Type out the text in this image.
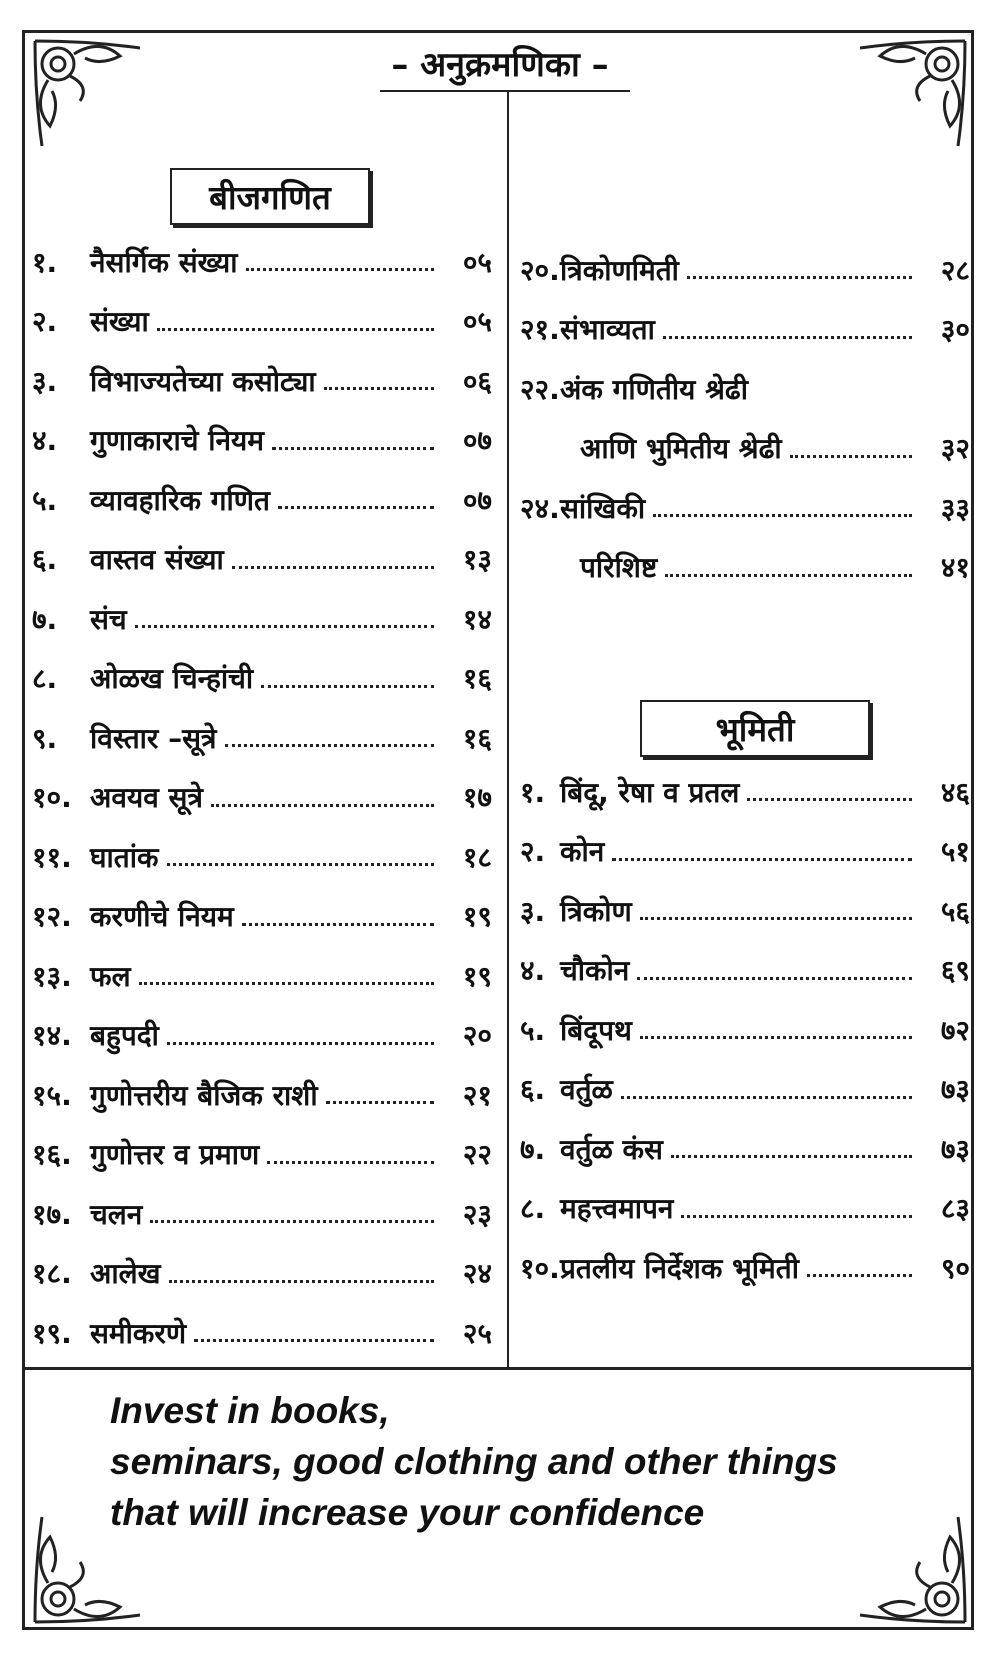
– अनुक्रमणिका –
बीजगणित
भूमिती
१.	नैसर्गिक संख्या	०५
२.	संख्या	०५
३.	विभाज्यतेच्या कसोट्या	०६
४.	गुणाकाराचे नियम	०७
५.	व्यावहारिक गणित	०७
६.	वास्तव संख्या	१३
७.	संच	१४
८.	ओळख चिन्हांची	१६
९.	विस्तार –सूत्रे	१६
१०. अवयव सूत्रे	१७
११. घातांक	१८
१२. करणीचे नियम	१९
१३. फल	१९
१४. बहुपदी	२०
१५. गुणोत्तरीय बैजिक राशी	२१
१६. गुणोत्तर व प्रमाण	२२
१७. चलन	२३
१८. आलेख	२४
१९. समीकरणे	२५
२०. त्रिकोणमिती	२८
२१. संभाव्यता	३०
२२. अंक गणितीय श्रेढी
आणि भुमितीय श्रेढी	३२
२४. सांखिकी	३३
परिशिष्ट	४१
१. बिंदू, रेषा व प्रतल	४६
२. कोन	५१
३. त्रिकोण	५६
४. चौकोन	६९
५. बिंदूपथ	७२
६. वर्तुळ	७३
७. वर्तुळ कंस	७३
८. महत्त्वमापन	८३
१०. प्रतलीय निर्देशक भूमिती	९०
Invest in books,
seminars, good clothing and other things
that will increase your confidence
